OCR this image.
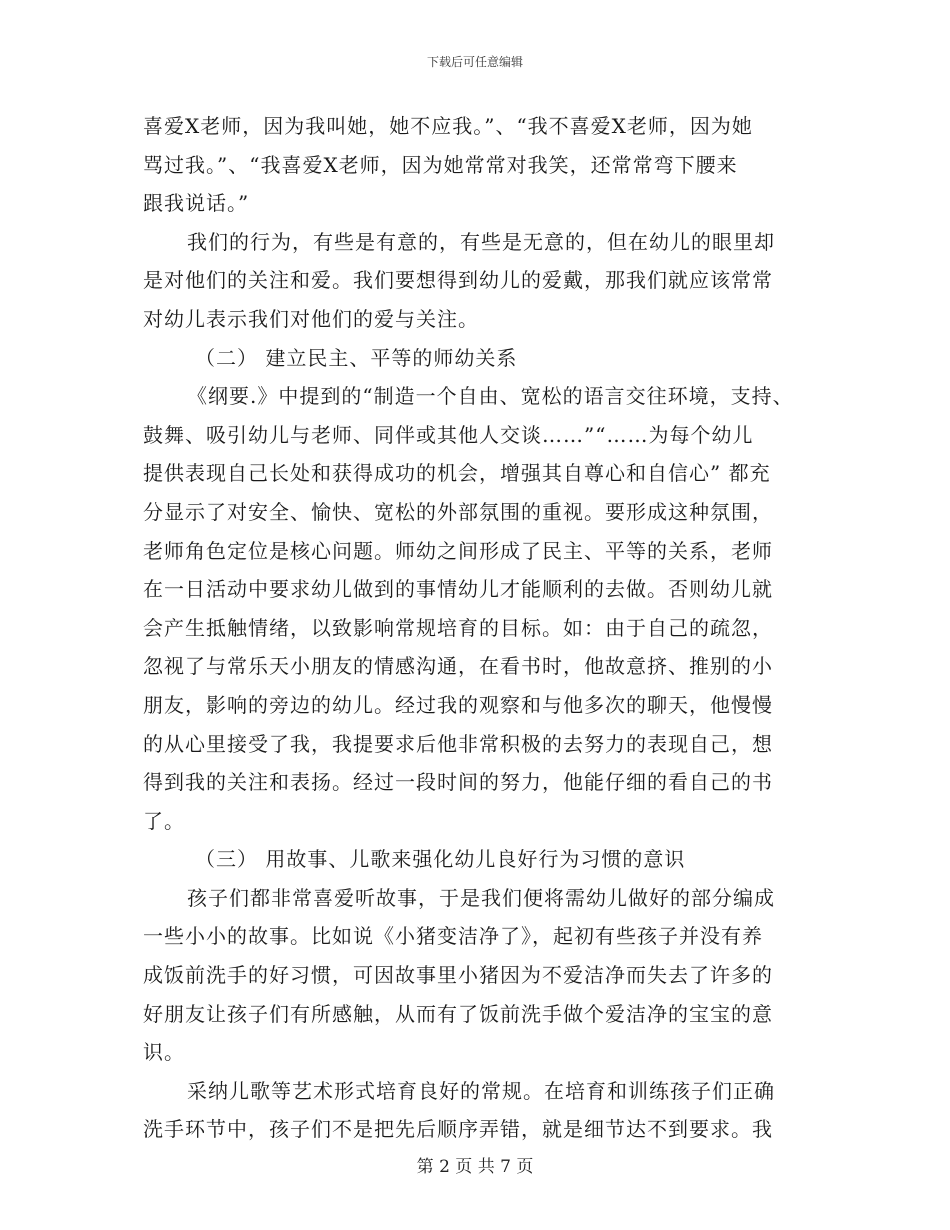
下载后可任意编辑
喜爱X老师，因为我叫她，她不应我。”、“我不喜爱X老师，因为她
骂过我。”、“我喜爱X老师，因为她常常对我笑，还常常弯下腰来
跟我说话。”
我们的行为，有些是有意的，有些是无意的，但在幼儿的眼里却
是对他们的关注和爱。我们要想得到幼儿的爱戴，那我们就应该常常
对幼儿表示我们对他们的爱与关注。
（二） 建立民主、平等的师幼关系
《纲要.》中提到的“制造一个自由、宽松的语言交往环境，支持、
鼓舞、吸引幼儿与老师、同伴或其他人交谈……”“……为每个幼儿
提供表现自己长处和获得成功的机会，增强其自尊心和自信心” 都充
分显示了对安全、愉快、宽松的外部氛围的重视。要形成这种氛围，
老师角色定位是核心问题。师幼之间形成了民主、平等的关系，老师
在一日活动中要求幼儿做到的事情幼儿才能顺利的去做。否则幼儿就
会产生抵触情绪，以致影响常规培育的目标。如：由于自己的疏忽，
忽视了与常乐天小朋友的情感沟通，在看书时，他故意挤、推别的小
朋友，影响的旁边的幼儿。经过我的观察和与他多次的聊天，他慢慢
的从心里接受了我，我提要求后他非常积极的去努力的表现自己，想
得到我的关注和表扬。经过一段时间的努力，他能仔细的看自己的书
了。
（三） 用故事、儿歌来强化幼儿良好行为习惯的意识
孩子们都非常喜爱听故事，于是我们便将需幼儿做好的部分编成
一些小小的故事。比如说《小猪变洁净了》，起初有些孩子并没有养
成饭前洗手的好习惯，可因故事里小猪因为不爱洁净而失去了许多的
好朋友让孩子们有所感触，从而有了饭前洗手做个爱洁净的宝宝的意
识。
采纳儿歌等艺术形式培育良好的常规。在培育和训练孩子们正确
洗手环节中，孩子们不是把先后顺序弄错，就是细节达不到要求。我
第 2 页 共 7 页
